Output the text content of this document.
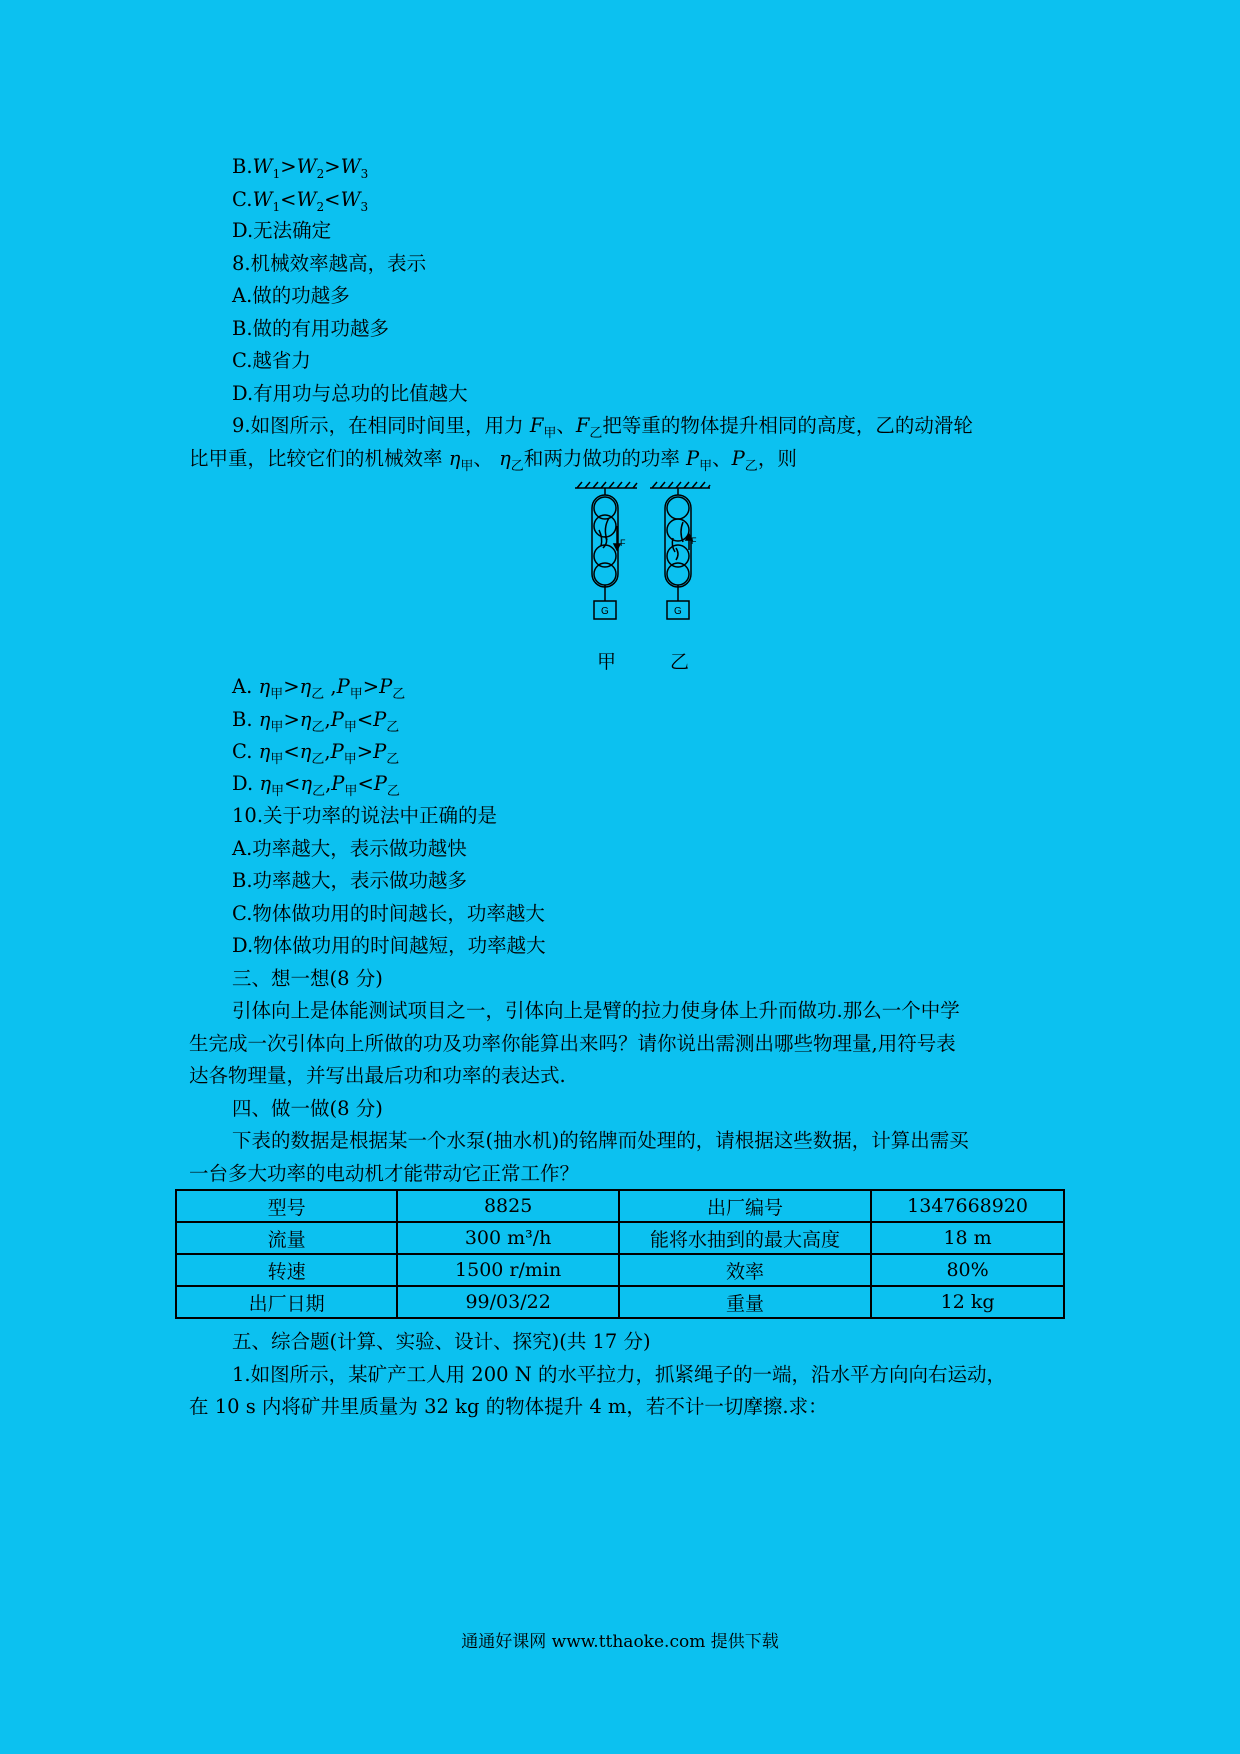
$B.W_1>W_2>W_3$
$C.W_1<W_2<W_3$
D.无法确定
8.机械效率越高，表示
A.做的功越多
B.做的有用功越多
C.越省力
D.有用功与总功的比值越大
9.如图所示，在相同时间里，用力 $F_甲$、$F_乙$把等重的物体提升相同的高度，乙的动滑轮
比甲重，比较它们的机械效率 $\eta_甲$、 $\eta_乙$和两力做功的功率 $P_甲$、$P_乙$，则
F
G
F
G
甲	乙
A. $\eta_甲>\eta_乙$ $,P_甲>P_乙$
B. $\eta_甲>\eta_乙,P_甲<P_乙$
C. $\eta_甲<\eta_乙,P_甲>P_乙$
D. $\eta_甲<\eta_乙,P_甲<P_乙$
10.关于功率的说法中正确的是
A.功率越大，表示做功越快
B.功率越大，表示做功越多
C.物体做功用的时间越长，功率越大
D.物体做功用的时间越短，功率越大
三、想一想(8 分)
引体向上是体能测试项目之一，引体向上是臂的拉力使身体上升而做功.那么一个中学
生完成一次引体向上所做的功及功率你能算出来吗？请你说出需测出哪些物理量,用符号表
达各物理量，并写出最后功和功率的表达式.
四、做一做(8 分)
下表的数据是根据某一个水泵(抽水机)的铭牌而处理的，请根据这些数据，计算出需买
一台多大功率的电动机才能带动它正常工作？
型号	8825	出厂编号	1347668920
流量	300 m³/h	能将水抽到的最大高度	18 m
转速	1500 r/min	效率	80%
出厂日期	99/03/22	重量	12 kg
五、综合题(计算、实验、设计、探究)(共 17 分)
1.如图所示，某矿产工人用 200 N 的水平拉力，抓紧绳子的一端，沿水平方向向右运动，
在 10 s 内将矿井里质量为 32 kg 的物体提升 4 m，若不计一切摩擦.求：
通通好课网 www.tthaoke.com 提供下载
